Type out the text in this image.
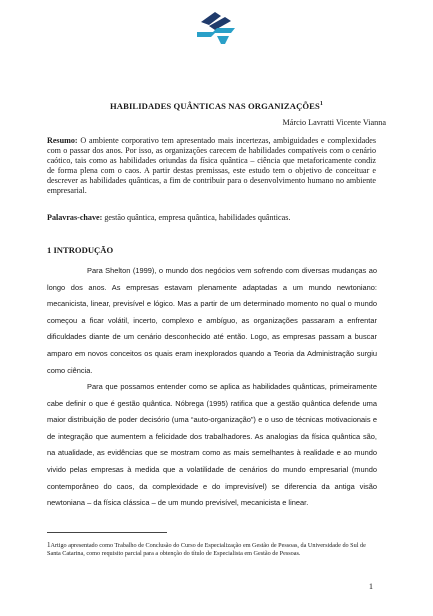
HABILIDADES QUÂNTICAS NAS ORGANIZAÇÕES$^1$
Márcio Lavratti Vicente Vianna
Resumo: O ambiente corporativo tem apresentado mais incertezas, ambiguidades e complexidades com o passar dos anos. Por isso, as organizações carecem de habilidades compatíveis com o cenário caótico, tais como as habilidades oriundas da física quântica – ciência que metaforicamente condiz de forma plena com o caos. A partir destas premissas, este estudo tem o objetivo de conceituar e descrever as habilidades quânticas, a fim de contribuir para o desenvolvimento humano no ambiente empresarial.
Palavras-chave: gestão quântica, empresa quântica, habilidades quânticas.
1 INTRODUÇÃO
Para Shelton (1999), o mundo dos negócios vem sofrendo com diversas mudanças ao longo dos anos. As empresas estavam plenamente adaptadas a um mundo newtoniano: mecanicista, linear, previsível e lógico. Mas a partir de um determinado momento no qual o mundo começou a ficar volátil, incerto, complexo e ambíguo, as organizações passaram a enfrentar dificuldades diante de um cenário desconhecido até então. Logo, as empresas passam a buscar amparo em novos conceitos os quais eram inexplorados quando a Teoria da Administração surgiu como ciência.
Para que possamos entender como se aplica as habilidades quânticas, primeiramente cabe definir o que é gestão quântica. Nóbrega (1995) ratifica que a gestão quântica defende uma maior distribuição de poder decisório (uma “auto-organização”) e o uso de técnicas motivacionais e de integração que aumentem a felicidade dos trabalhadores. As analogias da física quântica são, na atualidade, as evidências que se mostram como as mais semelhantes à realidade e ao mundo vivido pelas empresas à medida que a volatilidade de cenários do mundo empresarial (mundo contemporâneo do caos, da complexidade e do imprevisível) se diferencia da antiga visão newtoniana – da física clássica – de um mundo previsível, mecanicista e linear.
1Artigo apresentado como Trabalho de Conclusão do Curso de Especialização em Gestão de Pessoas, da Universidade do Sul de Santa Catarina, como requisito parcial para a obtenção do título de Especialista em Gestão de Pessoas.
1
